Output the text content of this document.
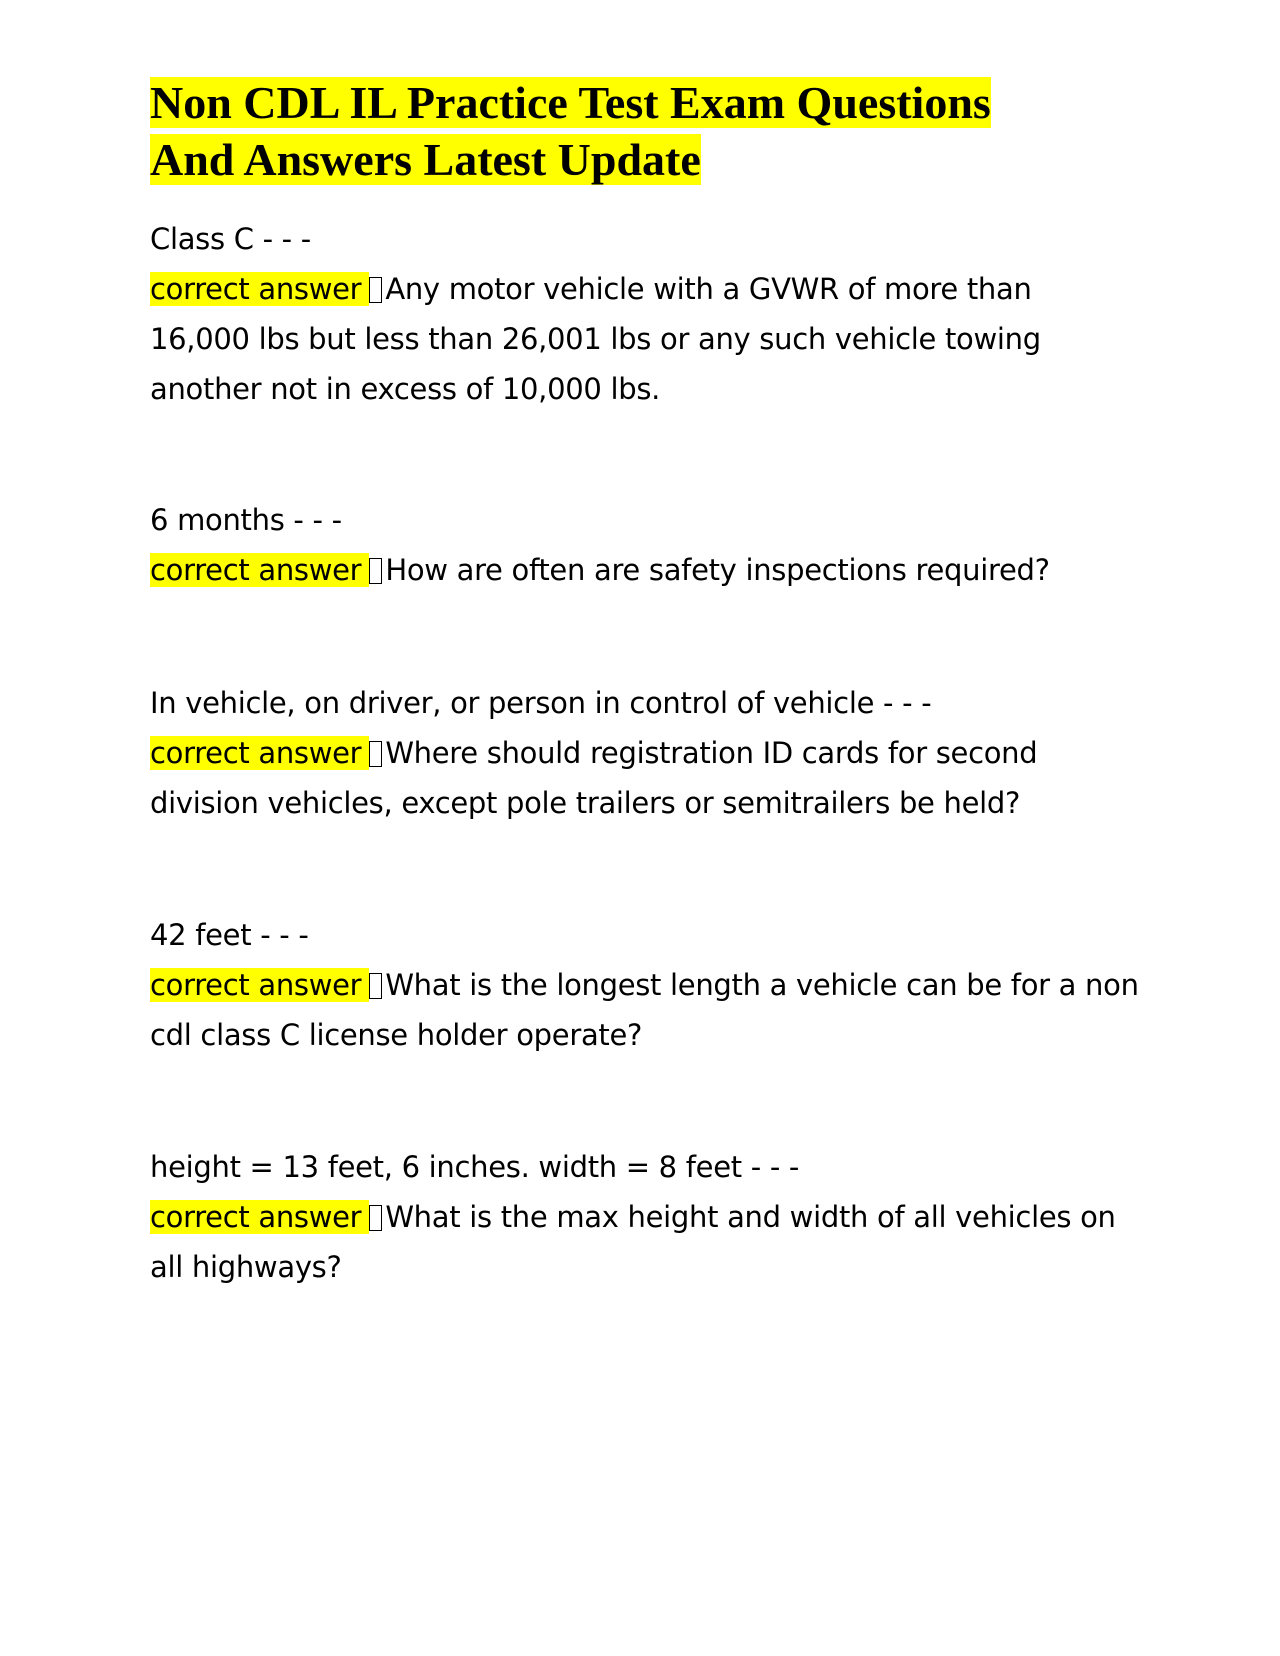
Non CDL IL Practice Test Exam Questions
And Answers Latest Update
Class C - - -
correct answer Any motor vehicle with a GVWR of more than 16,000 lbs but less than 26,001 lbs or any such vehicle towing another not in excess of 10,000 lbs.
6 months - - -
correct answer How are often are safety inspections required?
In vehicle, on driver, or person in control of vehicle - - -
correct answer Where should registration ID cards for second division vehicles, except pole trailers or semitrailers be held?
42 feet - - -
correct answer What is the longest length a vehicle can be for a non cdl class C license holder operate?
height = 13 feet, 6 inches. width = 8 feet - - -
correct answer What is the max height and width of all vehicles on all highways?
